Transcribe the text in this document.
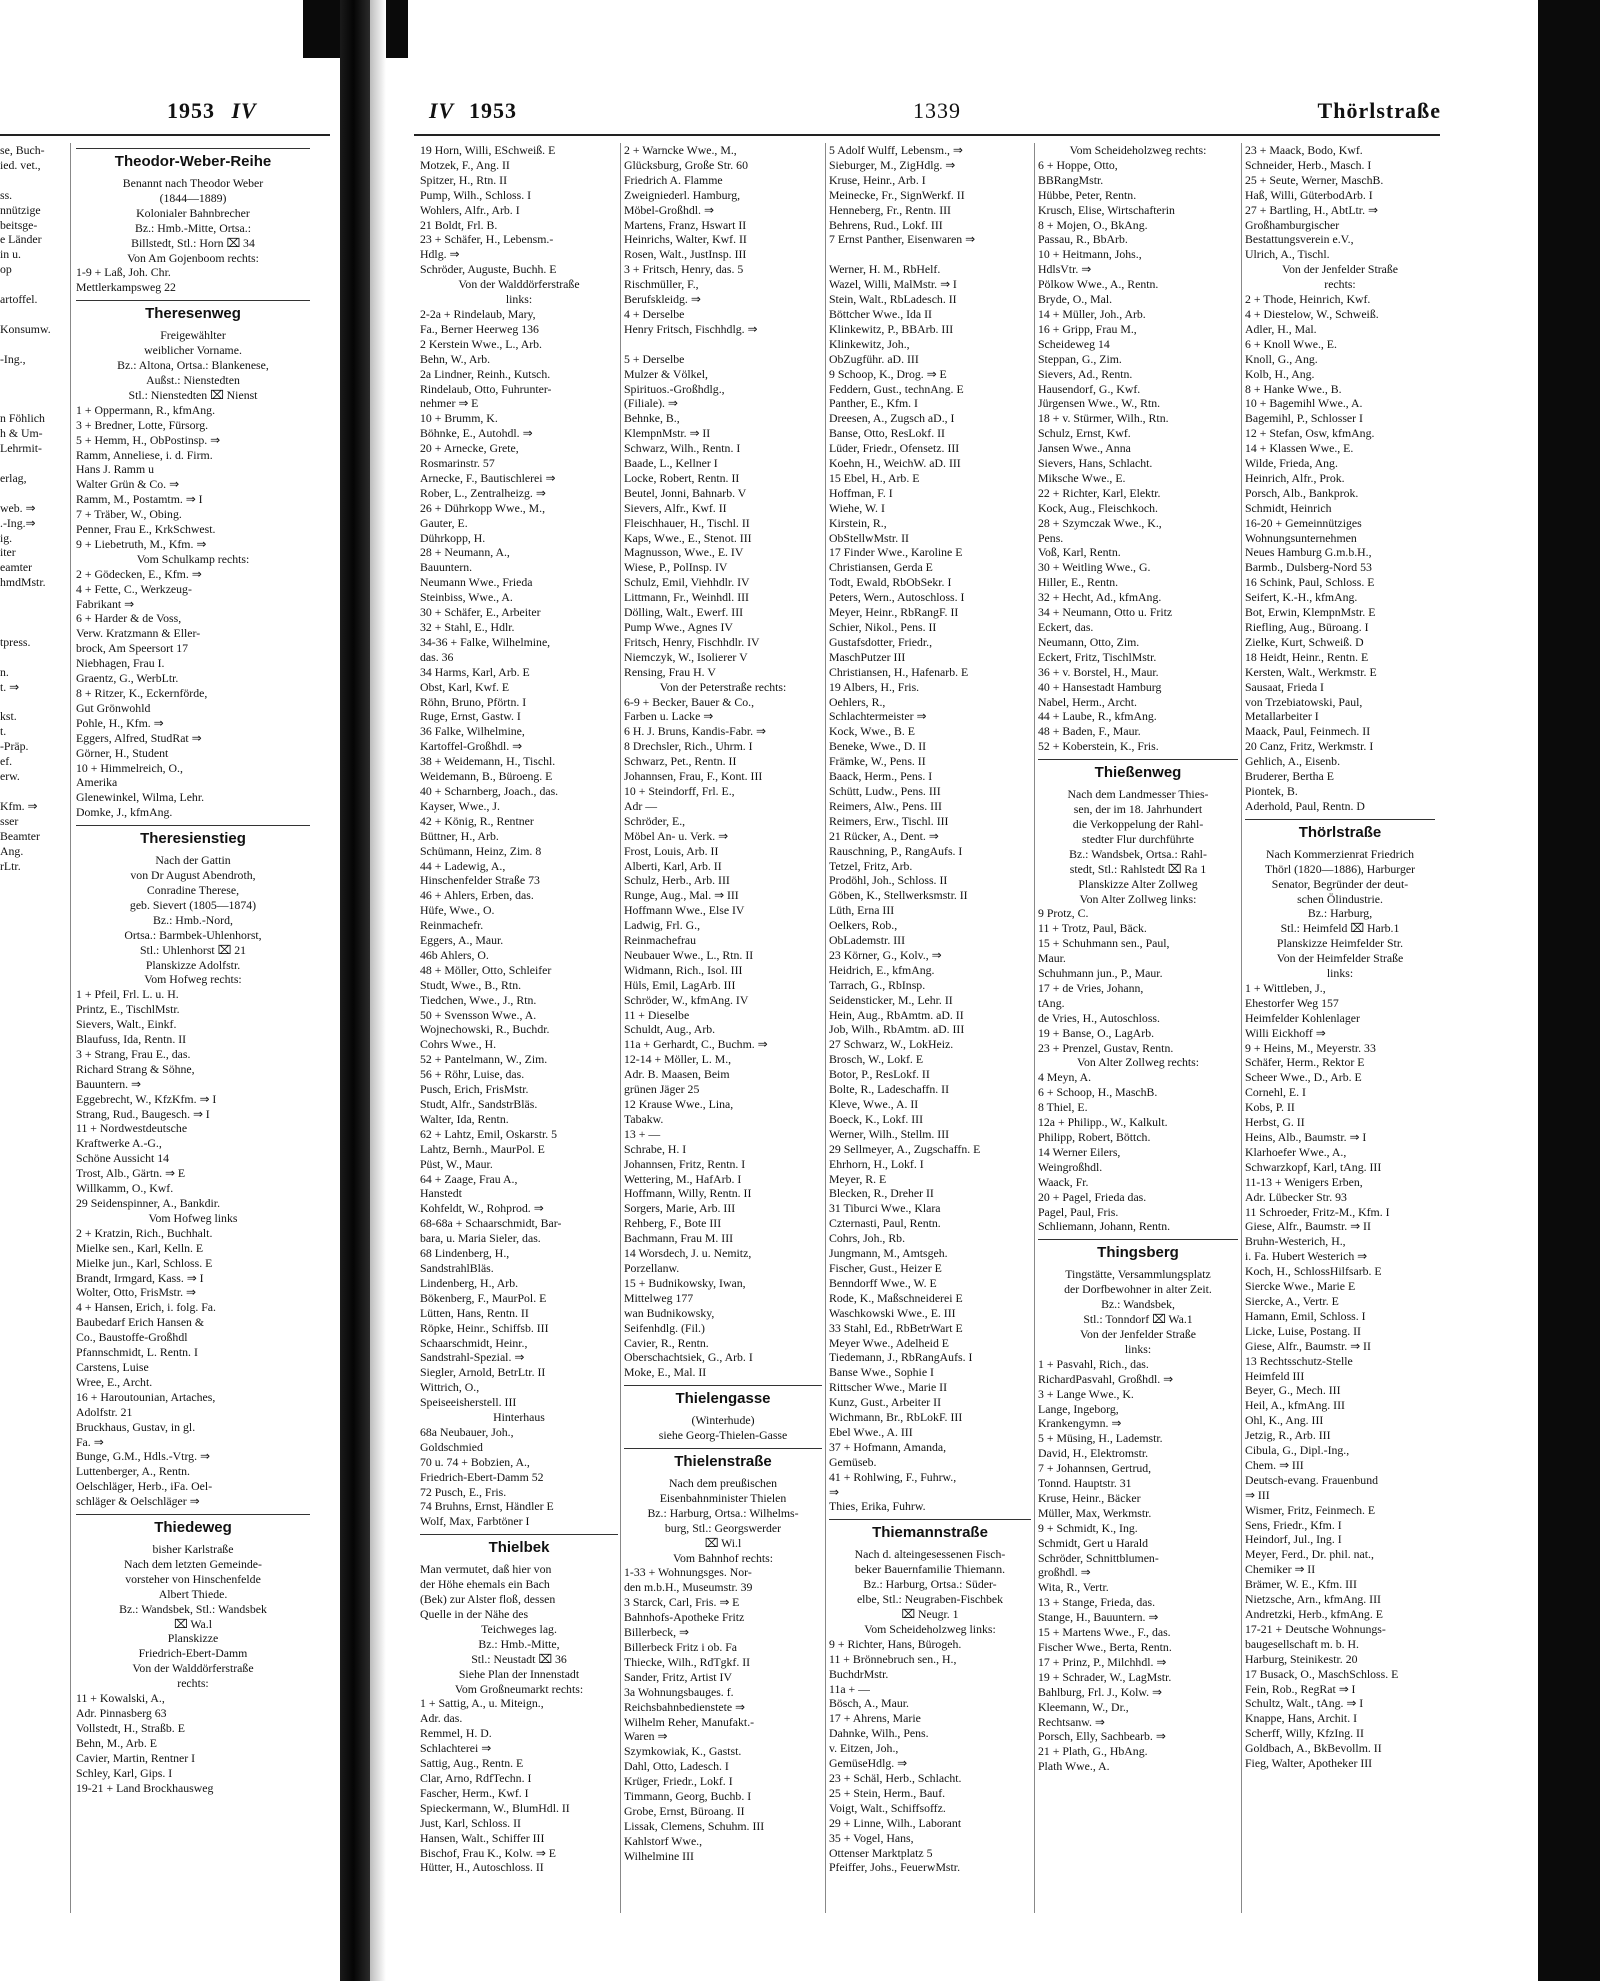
1953 IV	IV 1953	1339	Thörlstraße
se, Buch-
ied. vet.,

ss.
nnützige
beitsge-
e Länder
in u.
op

artoffel.

Konsumw.

-Ing.,

n Föhlich
h & Um-
Lehrmit-

erlag,

web. ⇒
.-Ing.⇒
ig.
iter
eamter
hmdMstr.

tpress.

n.
t. ⇒

kst.
t.
-Präp.
ef.
erw.

Kfm. ⇒
sser
Beamter
Ang.
rLtr.
Theodor-Weber-Reihe
Benannt nach Theodor Weber
(1844—1889)
Kolonialer Bahnbrecher
Bz.: Hmb.-Mitte, Ortsa.:
Billstedt, Stl.: Horn ⌧ 34
Von Am Gojenboom rechts:
1-9 + Laß, Joh. Chr.
Mettlerkampsweg 22
Theresenweg
Freigewählter
weiblicher Vorname.
Bz.: Altona, Ortsa.: Blankenese,
Außst.: Nienstedten
Stl.: Nienstedten ⌧ Nienst
1 + Oppermann, R., kfmAng.
3 + Bredner, Lotte, Fürsorg.
5 + Hemm, H., ObPostinsp. ⇒
Ramm, Anneliese, i. d. Firm.
Hans J. Ramm u
Walter Grün & Co. ⇒
Ramm, M., Postamtm. ⇒ I
7 + Träber, W., Obing.
Penner, Frau E., KrkSchwest.
9 + Liebetruth, M., Kfm. ⇒
Vom Schulkamp rechts:
2 + Gödecken, E., Kfm. ⇒
4 + Fette, C., Werkzeug-
Fabrikant ⇒
6 + Harder & de Voss,
Verw. Kratzmann & Eller-
brock, Am Speersort 17
Niebhagen, Frau I.
Graentz, G., WerbLtr.
8 + Ritzer, K., Eckernförde,
Gut Grönwohld
Pohle, H., Kfm. ⇒
Eggers, Alfred, StudRat ⇒
Görner, H., Student
10 + Himmelreich, O.,
Amerika
Glenewinkel, Wilma, Lehr.
Domke, J., kfmAng.
Theresienstieg
Nach der Gattin
von Dr August Abendroth,
Conradine Therese,
geb. Sievert (1805—1874)
Bz.: Hmb.-Nord,
Ortsa.: Barmbek-Uhlenhorst,
Stl.: Uhlenhorst ⌧ 21
Planskizze Adolfstr.
Vom Hofweg rechts:
1 + Pfeil, Frl. L. u. H.
Printz, E., TischlMstr.
Sievers, Walt., Einkf.
Blaufuss, Ida, Rentn. II
3 + Strang, Frau E., das.
Richard Strang & Söhne,
Bauuntern. ⇒
Eggebrecht, W., KfzKfm. ⇒ I
Strang, Rud., Baugesch. ⇒ I
11 + Nordwestdeutsche
Kraftwerke A.-G.,
Schöne Aussicht 14
Trost, Alb., Gärtn. ⇒ E
Willkamm, O., Kwf.
29 Seidenspinner, A., Bankdir.
Vom Hofweg links
2 + Kratzin, Rich., Buchhalt.
Mielke sen., Karl, Kelln. E
Mielke jun., Karl, Schloss. E
Brandt, Irmgard, Kass. ⇒ I
Wolter, Otto, FrisMstr. ⇒
4 + Hansen, Erich, i. folg. Fa.
Baubedarf Erich Hansen &
Co., Baustoffe-Großhdl
Pfannschmidt, L. Rentn. I
Carstens, Luise
Wree, E., Archt.
16 + Haroutounian, Artaches,
Adolfstr. 21
Bruckhaus, Gustav, in gl.
Fa. ⇒
Bunge, G.M., Hdls.-Vtrg. ⇒
Luttenberger, A., Rentn.
Oelschläger, Herb., iFa. Oel-
schläger & Oelschläger ⇒
Thiedeweg
bisher Karlstraße
Nach dem letzten Gemeinde-
vorsteher von Hinschenfelde
Albert Thiede.
Bz.: Wandsbek, Stl.: Wandsbek
⌧ Wa.l
Planskizze
Friedrich-Ebert-Damm
Von der Walddörferstraße
rechts:
11 + Kowalski, A.,
Adr. Pinnasberg 63
Vollstedt, H., Straßb. E
Behn, M., Arb. E
Cavier, Martin, Rentner I
Schley, Karl, Gips. I
19-21 + Land Brockhausweg
19 Horn, Willi, ESchweiß. E
Motzek, F., Ang. II
Spitzer, H., Rtn. II
Pump, Wilh., Schloss. I
Wohlers, Alfr., Arb. I
21 Boldt, Frl. B.
23 + Schäfer, H., Lebensm.-
Hdlg. ⇒
Schröder, Auguste, Buchh. E
Von der Walddörferstraße
links:
2-2a + Rindelaub, Mary,
Fa., Berner Heerweg 136
2 Kerstein Wwe., L., Arb.
Behn, W., Arb.
2a Lindner, Reinh., Kutsch.
Rindelaub, Otto, Fuhrunter-
nehmer ⇒ E
10 + Brumm, K.
Böhnke, E., Autohdl. ⇒
20 + Arnecke, Grete,
Rosmarinstr. 57
Arnecke, F., Bautischlerei ⇒
Rober, L., Zentralheizg. ⇒
26 + Dührkopp Wwe., M.,
Gauter, E.
Dührkopp, H.
28 + Neumann, A.,
Bauuntern.
Neumann Wwe., Frieda
Steinbiss, Wwe., A.
30 + Schäfer, E., Arbeiter
32 + Stahl, E., Hdlr.
34-36 + Falke, Wilhelmine,
das. 36
34 Harms, Karl, Arb. E
Obst, Karl, Kwf. E
Röhn, Bruno, Pförtn. I
Ruge, Ernst, Gastw. I
36 Falke, Wilhelmine,
Kartoffel-Großhdl. ⇒
38 + Weidemann, H., Tischl.
Weidemann, B., Büroeng. E
40 + Scharnberg, Joach., das.
Kayser, Wwe., J.
42 + König, R., Rentner
Büttner, H., Arb.
Schümann, Heinz, Zim. 8
44 + Ladewig, A.,
Hinschenfelder Straße 73
46 + Ahlers, Erben, das.
Hüfe, Wwe., O.
Reinmachefr.
Eggers, A., Maur.
46b Ahlers, O.
48 + Möller, Otto, Schleifer
Studt, Wwe., B., Rtn.
Tiedchen, Wwe., J., Rtn.
50 + Svensson Wwe., A.
Wojnechowski, R., Buchdr.
Cohrs Wwe., H.
52 + Pantelmann, W., Zim.
56 + Röhr, Luise, das.
Pusch, Erich, FrisMstr.
Studt, Alfr., SandstrBläs.
Walter, Ida, Rentn.
62 + Lahtz, Emil, Oskarstr. 5
Lahtz, Bernh., MaurPol. E
Püst, W., Maur.
64 + Zaage, Frau A.,
Hanstedt
Kohfeldt, W., Rohprod. ⇒
68-68a + Schaarschmidt, Bar-
bara, u. Maria Sieler, das.
68 Lindenberg, H.,
SandstrahlBläs.
Lindenberg, H., Arb.
Bökenberg, F., MaurPol. E
Lütten, Hans, Rentn. II
Röpke, Heinr., Schiffsb. III
Schaarschmidt, Heinr.,
Sandstrahl-Spezial. ⇒
Siegler, Arnold, BetrLtr. II
Wittrich, O.,
Speiseeisherstell. III
Hinterhaus
68a Neubauer, Joh.,
Goldschmied
70 u. 74 + Bobzien, A.,
Friedrich-Ebert-Damm 52
72 Pusch, E., Fris.
74 Bruhns, Ernst, Händler E
Wolf, Max, Farbtöner I
Thielbek
Man vermutet, daß hier von
der Höhe ehemals ein Bach
(Bek) zur Alster floß, dessen
Quelle in der Nähe des
Teichweges lag.
Bz.: Hmb.-Mitte,
Stl.: Neustadt ⌧ 36
Siehe Plan der Innenstadt
Vom Großneumarkt rechts:
1 + Sattig, A., u. Miteign.,
Adr. das.
Remmel, H. D.
Schlachterei ⇒
Sattig, Aug., Rentn. E
Clar, Arno, RdfTechn. I
Fascher, Herm., Kwf. I
Spieckermann, W., BlumHdl. II
Just, Karl, Schloss. II
Hansen, Walt., Schiffer III
Bischof, Frau K., Kolw. ⇒ E
Hütter, H., Autoschloss. II
2 + Warncke Wwe., M.,
Glücksburg, Große Str. 60
Friedrich A. Flamme
Zweigniederl. Hamburg,
Möbel-Großhdl. ⇒
Martens, Franz, Hswart II
Heinrichs, Walter, Kwf. II
Rosen, Walt., JustInsp. III
3 + Fritsch, Henry, das. 5
Rischmüller, F.,
Berufskleidg. ⇒
4 + Derselbe
Henry Fritsch, Fischhdlg. ⇒

5 + Derselbe
Mulzer & Völkel,
Spirituos.-Großhdlg.,
(Filiale). ⇒
Behnke, B.,
KlempnMstr. ⇒ II
Schwarz, Wilh., Rentn. I
Baade, L., Kellner I
Locke, Robert, Rentn. II
Beutel, Jonni, Bahnarb. V
Sievers, Alfr., Kwf. II
Fleischhauer, H., Tischl. II
Kaps, Wwe., E., Stenot. III
Magnusson, Wwe., E. IV
Wiese, P., PolInsp. IV
Schulz, Emil, Viehhdlr. IV
Littmann, Fr., Weinhdl. III
Dölling, Walt., Ewerf. III
Pump Wwe., Agnes IV
Fritsch, Henry, Fischhdlr. IV
Niemczyk, W., Isolierer V
Rensing, Frau H. V
Von der Peterstraße rechts:
6-9 + Becker, Bauer & Co.,
Farben u. Lacke ⇒
6 H. J. Bruns, Kandis-Fabr. ⇒
8 Drechsler, Rich., Uhrm. I
Schwarz, Pet., Rentn. II
Johannsen, Frau, F., Kont. III
10 + Steindorff, Frl. E.,
Adr —
Schröder, E.,
Möbel An- u. Verk. ⇒
Frost, Louis, Arb. II
Alberti, Karl, Arb. II
Schulz, Herb., Arb. III
Runge, Aug., Mal. ⇒ III
Hoffmann Wwe., Else IV
Ladwig, Frl. G.,
Reinmachefrau
Neubauer Wwe., L., Rtn. II
Widmann, Rich., Isol. III
Hüls, Emil, LagArb. III
Schröder, W., kfmAng. IV
11 + Dieselbe
Schuldt, Aug., Arb.
11a + Gerhardt, C., Buchm. ⇒
12-14 + Möller, L. M.,
Adr. B. Maasen, Beim
grünen Jäger 25
12 Krause Wwe., Lina,
Tabakw.
13 + —
Schrabe, H. I
Johannsen, Fritz, Rentn. I
Wettering, M., HafArb. I
Hoffmann, Willy, Rentn. II
Sorgers, Marie, Arb. III
Rehberg, F., Bote III
Bachmann, Frau M. III
14 Worsdech, J. u. Nemitz,
Porzellanw.
15 + Budnikowsky, Iwan,
Mittelweg 177
wan Budnikowsky,
Seifenhdlg. (Fil.)
Cavier, R., Rentn.
Oberschachtsiek, G., Arb. I
Moke, E., Mal. II
Thielengasse
(Winterhude)
siehe Georg-Thielen-Gasse
Thielenstraße
Nach dem preußischen
Eisenbahnminister Thielen
Bz.: Harburg, Ortsa.: Wilhelms-
burg, Stl.: Georgswerder
⌧ Wi.l
Vom Bahnhof rechts:
1-33 + Wohnungsges. Nor-
den m.b.H., Museumstr. 39
3 Starck, Carl, Fris. ⇒ E
Bahnhofs-Apotheke Fritz
Billerbeck, ⇒
Billerbeck Fritz i ob. Fa
Thiecke, Wilh., RdTgkf. II
Sander, Fritz, Artist IV
3a Wohnungsbauges. f.
Reichsbahnbedienstete ⇒
Wilhelm Reher, Manufakt.-
Waren ⇒
Szymkowiak, K., Gastst.
Dahl, Otto, Ladesch. I
Krüger, Friedr., Lokf. I
Timmann, Georg, Buchb. I
Grobe, Ernst, Büroang. II
Lissak, Clemens, Schuhm. III
Kahlstorf Wwe.,
Wilhelmine III
5 Adolf Wulff, Lebensm., ⇒
Sieburger, M., ZigHdlg. ⇒
Kruse, Heinr., Arb. I
Meinecke, Fr., SignWerkf. II
Henneberg, Fr., Rentn. III
Behrens, Rud., Lokf. III
7 Ernst Panther, Eisenwaren ⇒

Werner, H. M., RbHelf.
Wazel, Willi, MalMstr. ⇒ I
Stein, Walt., RbLadesch. II
Böttcher Wwe., Ida II
Klinkewitz, P., BBArb. III
Klinkewitz, Joh.,
ObZugführ. aD. III
9 Schoop, K., Drog. ⇒ E
Feddern, Gust., technAng. E
Panther, E., Kfm. I
Dreesen, A., Zugsch aD., I
Banse, Otto, ResLokf. II
Lüder, Friedr., Ofensetz. III
Koehn, H., WeichW. aD. III
15 Ebel, H., Arb. E
Hoffman, F. I
Wiehe, W. I
Kirstein, R.,
ObStellwMstr. II
17 Finder Wwe., Karoline E
Christiansen, Gerda E
Todt, Ewald, RbObSekr. I
Peters, Wern., Autoschloss. I
Meyer, Heinr., RbRangF. II
Schier, Nikol., Pens. II
Gustafsdotter, Friedr.,
MaschPutzer III
Christiansen, H., Hafenarb. E
19 Albers, H., Fris.
Oehlers, R.,
Schlachtermeister ⇒
Kock, Wwe., B. E
Beneke, Wwe., D. II
Främke, W., Pens. II
Baack, Herm., Pens. I
Schütt, Ludw., Pens. III
Reimers, Alw., Pens. III
Reimers, Erw., Tischl. III
21 Rücker, A., Dent. ⇒
Rauschning, P., RangAufs. I
Tetzel, Fritz, Arb.
Prodöhl, Joh., Schloss. II
Göben, K., Stellwerksmstr. II
Lüth, Erna III
Oelkers, Rob.,
ObLademstr. III
23 Körner, G., Kolv., ⇒
Heidrich, E., kfmAng.
Tarrach, G., RbInsp.
Seidensticker, M., Lehr. II
Hein, Aug., RbAmtm. aD. II
Job, Wilh., RbAmtm. aD. III
27 Schwarz, W., LokHeiz.
Brosch, W., Lokf. E
Botor, P., ResLokf. II
Bolte, R., Ladeschaffn. II
Kleve, Wwe., A. II
Boeck, K., Lokf. III
Werner, Wilh., Stellm. III
29 Sellmeyer, A., Zugschaffn. E
Ehrhorn, H., Lokf. I
Meyer, R. E
Blecken, R., Dreher II
31 Tiburci Wwe., Klara
Czternasti, Paul, Rentn.
Cohrs, Joh., Rb.
Jungmann, M., Amtsgeh.
Fischer, Gust., Heizer E
Benndorff Wwe., W. E
Rode, K., Maßschneiderei E
Waschkowski Wwe., E. III
33 Stahl, Ed., RbBetrWart E
Meyer Wwe., Adelheid E
Tiedemann, J., RbRangAufs. I
Banse Wwe., Sophie I
Rittscher Wwe., Marie II
Kunz, Gust., Arbeiter II
Wichmann, Br., RbLokF. III
Ebel Wwe., A. III
37 + Hofmann, Amanda,
Gemüseb.
41 + Rohlwing, F., Fuhrw.,
⇒
Thies, Erika, Fuhrw.
Thiemannstraße
Nach d. alteingesessenen Fisch-
beker Bauernfamilie Thiemann.
Bz.: Harburg, Ortsa.: Süder-
elbe, Stl.: Neugraben-Fischbek
⌧ Neugr. 1
Vom Scheideholzweg links:
9 + Richter, Hans, Bürogeh.
11 + Brönnebruch sen., H.,
BuchdrMstr.
11a + —
Bösch, A., Maur.
17 + Ahrens, Marie
Dahnke, Wilh., Pens.
v. Eitzen, Joh.,
GemüseHdlg. ⇒
23 + Schäl, Herb., Schlacht.
25 + Stein, Herm., Bauf.
Voigt, Walt., Schiffsoffz.
29 + Linne, Wilh., Laborant
35 + Vogel, Hans,
Ottenser Marktplatz 5
Pfeiffer, Johs., FeuerwMstr.
Vom Scheideholzweg rechts:
6 + Hoppe, Otto,
BBRangMstr.
Hübbe, Peter, Rentn.
Krusch, Elise, Wirtschafterin
8 + Mojen, O., BkAng.
Passau, R., BbArb.
10 + Heitmann, Johs.,
HdlsVtr. ⇒
Pölkow Wwe., A., Rentn.
Bryde, O., Mal.
14 + Müller, Joh., Arb.
16 + Gripp, Frau M.,
Scheideweg 14
Steppan, G., Zim.
Sievers, Ad., Rentn.
Hausendorf, G., Kwf.
Jürgensen Wwe., W., Rtn.
18 + v. Stürmer, Wilh., Rtn.
Schulz, Ernst, Kwf.
Jansen Wwe., Anna
Sievers, Hans, Schlacht.
Mikschе Wwe., E.
22 + Richter, Karl, Elektr.
Kock, Aug., Fleischkoch.
28 + Szymczak Wwe., K.,
Pens.
Voß, Karl, Rentn.
30 + Weitling Wwe., G.
Hiller, E., Rentn.
32 + Hecht, Ad., kfmAng.
34 + Neumann, Otto u. Fritz
Eckert, das.
Neumann, Otto, Zim.
Eckert, Fritz, TischlMstr.
36 + v. Borstel, H., Maur.
40 + Hansestadt Hamburg
Nabel, Herm., Archt.
44 + Laube, R., kfmAng.
48 + Baden, F., Maur.
52 + Koberstein, K., Fris.
Thießenweg
Nach dem Landmesser Thies-
sen, der im 18. Jahrhundert
die Verkoppelung der Rahl-
stedter Flur durchführte
Bz.: Wandsbek, Ortsa.: Rahl-
stedt, Stl.: Rahlstedt ⌧ Ra 1
Planskizze Alter Zollweg
Von Alter Zollweg links:
9 Protz, C.
11 + Trotz, Paul, Bäck.
15 + Schuhmann sen., Paul,
Maur.
Schuhmann jun., P., Maur.
17 + de Vries, Johann,
tAng.
de Vries, H., Autoschloss.
19 + Banse, O., LagArb.
23 + Prenzel, Gustav, Rentn.
Von Alter Zollweg rechts:
4 Meyn, A.
6 + Schoop, H., MaschB.
8 Thiel, E.
12a + Philipp., W., Kalkult.
Philipp, Robert, Böttch.
14 Werner Eilers,
Weingroßhdl.
Waack, Fr.
20 + Pagel, Frieda das.
Pagel, Paul, Fris.
Schliemann, Johann, Rentn.
Thingsberg
Tingstätte, Versammlungsplatz
der Dorfbewohner in alter Zeit.
Bz.: Wandsbek,
Stl.: Tonndorf ⌧ Wa.1
Von der Jenfelder Straße
links:
1 + Pasvahl, Rich., das.
RichardPasvahl, Großhdl. ⇒
3 + Lange Wwe., K.
Lange, Ingeborg,
Krankengymn. ⇒
5 + Müsing, H., Lademstr.
David, H., Elektromstr.
7 + Johannsen, Gertrud,
Tonnd. Hauptstr. 31
Kruse, Heinr., Bäcker
Müller, Max, Werkmstr.
9 + Schmidt, K., Ing.
Schmidt, Gert u Harald
Schröder, Schnittblumen-
großhdl. ⇒
Wita, R., Vertr.
13 + Stange, Frieda, das.
Stange, H., Bauuntern. ⇒
15 + Martens Wwe., F., das.
Fischer Wwe., Berta, Rentn.
17 + Prinz, P., Milchhdl. ⇒
19 + Schrader, W., LagMstr.
Bahlburg, Frl. J., Kolw. ⇒
Kleemann, W., Dr.,
Rechtsanw. ⇒
Porsch, Elly, Sachbearb. ⇒
21 + Plath, G., HbAng.
Plath Wwe., A.
23 + Maack, Bodo, Kwf.
Schneider, Herb., Masch. I
25 + Seute, Werner, MaschB.
Haß, Willi, GüterbodArb. I
27 + Bartling, H., AbtLtr. ⇒
Großhamburgischer
Bestattungsverein e.V.,
Ulrich, A., Tischl.
Von der Jenfelder Straße
rechts:
2 + Thode, Heinrich, Kwf.
4 + Diestelow, W., Schweiß.
Adler, H., Mal.
6 + Knoll Wwe., E.
Knoll, G., Ang.
Kolb, H., Ang.
8 + Hanke Wwe., B.
10 + Bagemihl Wwe., A.
Bagemihl, P., Schlosser I
12 + Stefan, Osw, kfmAng.
14 + Klassen Wwe., E.
Wilde, Frieda, Ang.
Heinrich, Alfr., Prok.
Porsch, Alb., Bankprok.
Schmidt, Heinrich
16-20 + Gemeinnütziges
Wohnungsunternehmen
Neues Hamburg G.m.b.H.,
Barmb., Dulsberg-Nord 53
16 Schink, Paul, Schloss. E
Seifert, K.-H., kfmAng.
Bot, Erwin, KlempnMstr. E
Riefling, Aug., Büroang. I
Zielke, Kurt, Schweiß. D
18 Heidt, Heinr., Rentn. E
Kersten, Walt., Werkmstr. E
Sausaat, Frieda I
von Trzebiatowski, Paul,
Metallarbeiter I
Maack, Paul, Feinmech. II
20 Canz, Fritz, Werkmstr. I
Gehlich, A., Eisenb.
Bruderer, Bertha E
Piontek, B.
Aderhold, Paul, Rentn. D
Thörlstraße
Nach Kommerzienrat Friedrich
Thörl (1820—1886), Harburger
Senator, Begründer der deut-
schen Ölindustrie.
Bz.: Harburg,
Stl.: Heimfeld ⌧ Harb.1
Planskizze Heimfelder Str.
Von der Heimfelder Straße
links:
1 + Wittleben, J.,
Ehestorfer Weg 157
Heimfelder Kohlenlager
Willi Eickhoff ⇒
9 + Heins, M., Meyerstr. 33
Schäfer, Herm., Rektor E
Scheer Wwe., D., Arb. E
Cornehl, E. I
Kobs, P. II
Herbst, G. II
Heins, Alb., Baumstr. ⇒ I
Klarhoefer Wwe., A.,
Schwarzkopf, Karl, tAng. III
11-13 + Wenigers Erben,
Adr. Lübecker Str. 93
11 Schroeder, Fritz-M., Kfm. I
Giese, Alfr., Baumstr. ⇒ II
Bruhn-Westerich, H.,
i. Fa. Hubert Westerich ⇒
Koch, H., SchlossHilfsarb. E
Siercke Wwe., Marie E
Siercke, A., Vertr. E
Hamann, Emil, Schloss. I
Licke, Luise, Postang. II
Giese, Alfr., Baumstr. ⇒ II
13 Rechtsschutz-Stelle
Heimfeld III
Beyer, G., Mech. III
Heil, A., kfmAng. III
Ohl, K., Ang. III
Jetzig, R., Arb. III
Cibula, G., Dipl.-Ing.,
Chem. ⇒ III
Deutsch-evang. Frauenbund
⇒ III
Wismer, Fritz, Feinmech. E
Sens, Friedr., Kfm. I
Heindorf, Jul., Ing. I
Meyer, Ferd., Dr. phil. nat.,
Chemiker ⇒ II
Brämer, W. E., Kfm. III
Nietzsche, Arn., kfmAng. III
Andretzki, Herb., kfmAng. E
17-21 + Deutsche Wohnungs-
baugesellschaft m. b. H.
Harburg, Steinikestr. 20
17 Busack, O., MaschSchloss. E
Fein, Rob., RegRat ⇒ I
Schultz, Walt., tAng. ⇒ I
Knappe, Hans, Archit. I
Scherff, Willy, KfzIng. II
Goldbach, A., BkBevollm. II
Fieg, Walter, Apotheker III
